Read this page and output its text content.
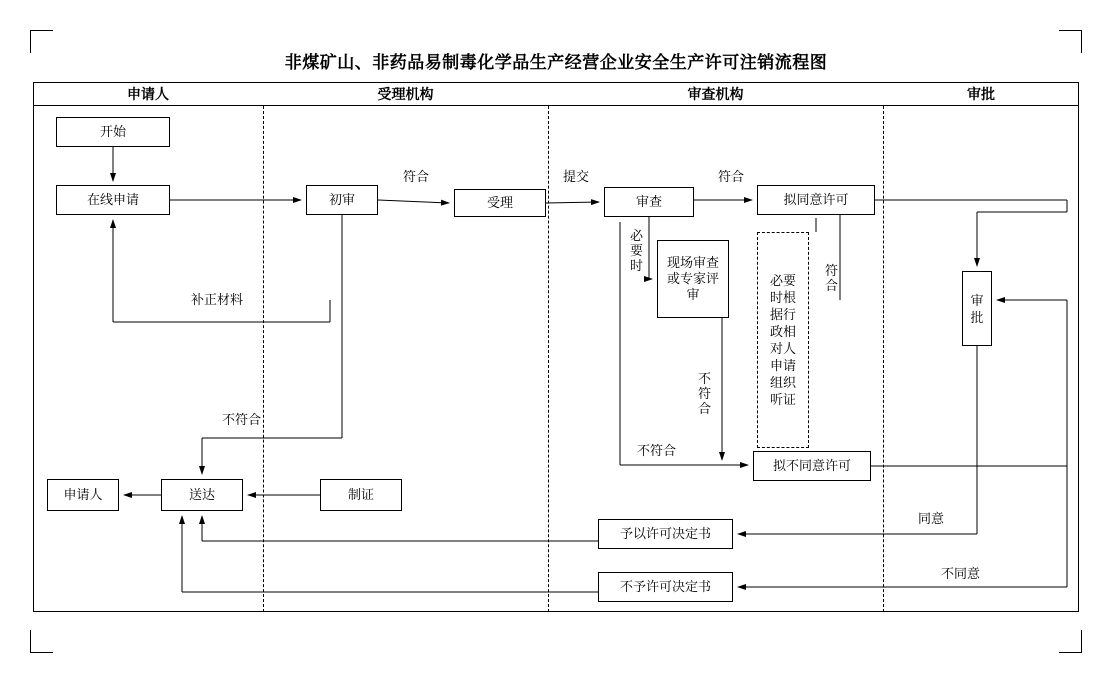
非煤矿山、非药品易制毒化学品生产经营企业安全生产许可注销流程图
申请人	受理机构	审查机构	审批
开始
在线申请	初审	受理	审查	拟同意许可
现场审查或专家评审
必要时根据行政相对人申请组织听证
审批
拟不同意许可
申请人	送达	制证
予以许可决定书
不予许可决定书
符合	提交	符合
符合
必要时
不符合
不符合
补正材料
不符合
同意
不同意
